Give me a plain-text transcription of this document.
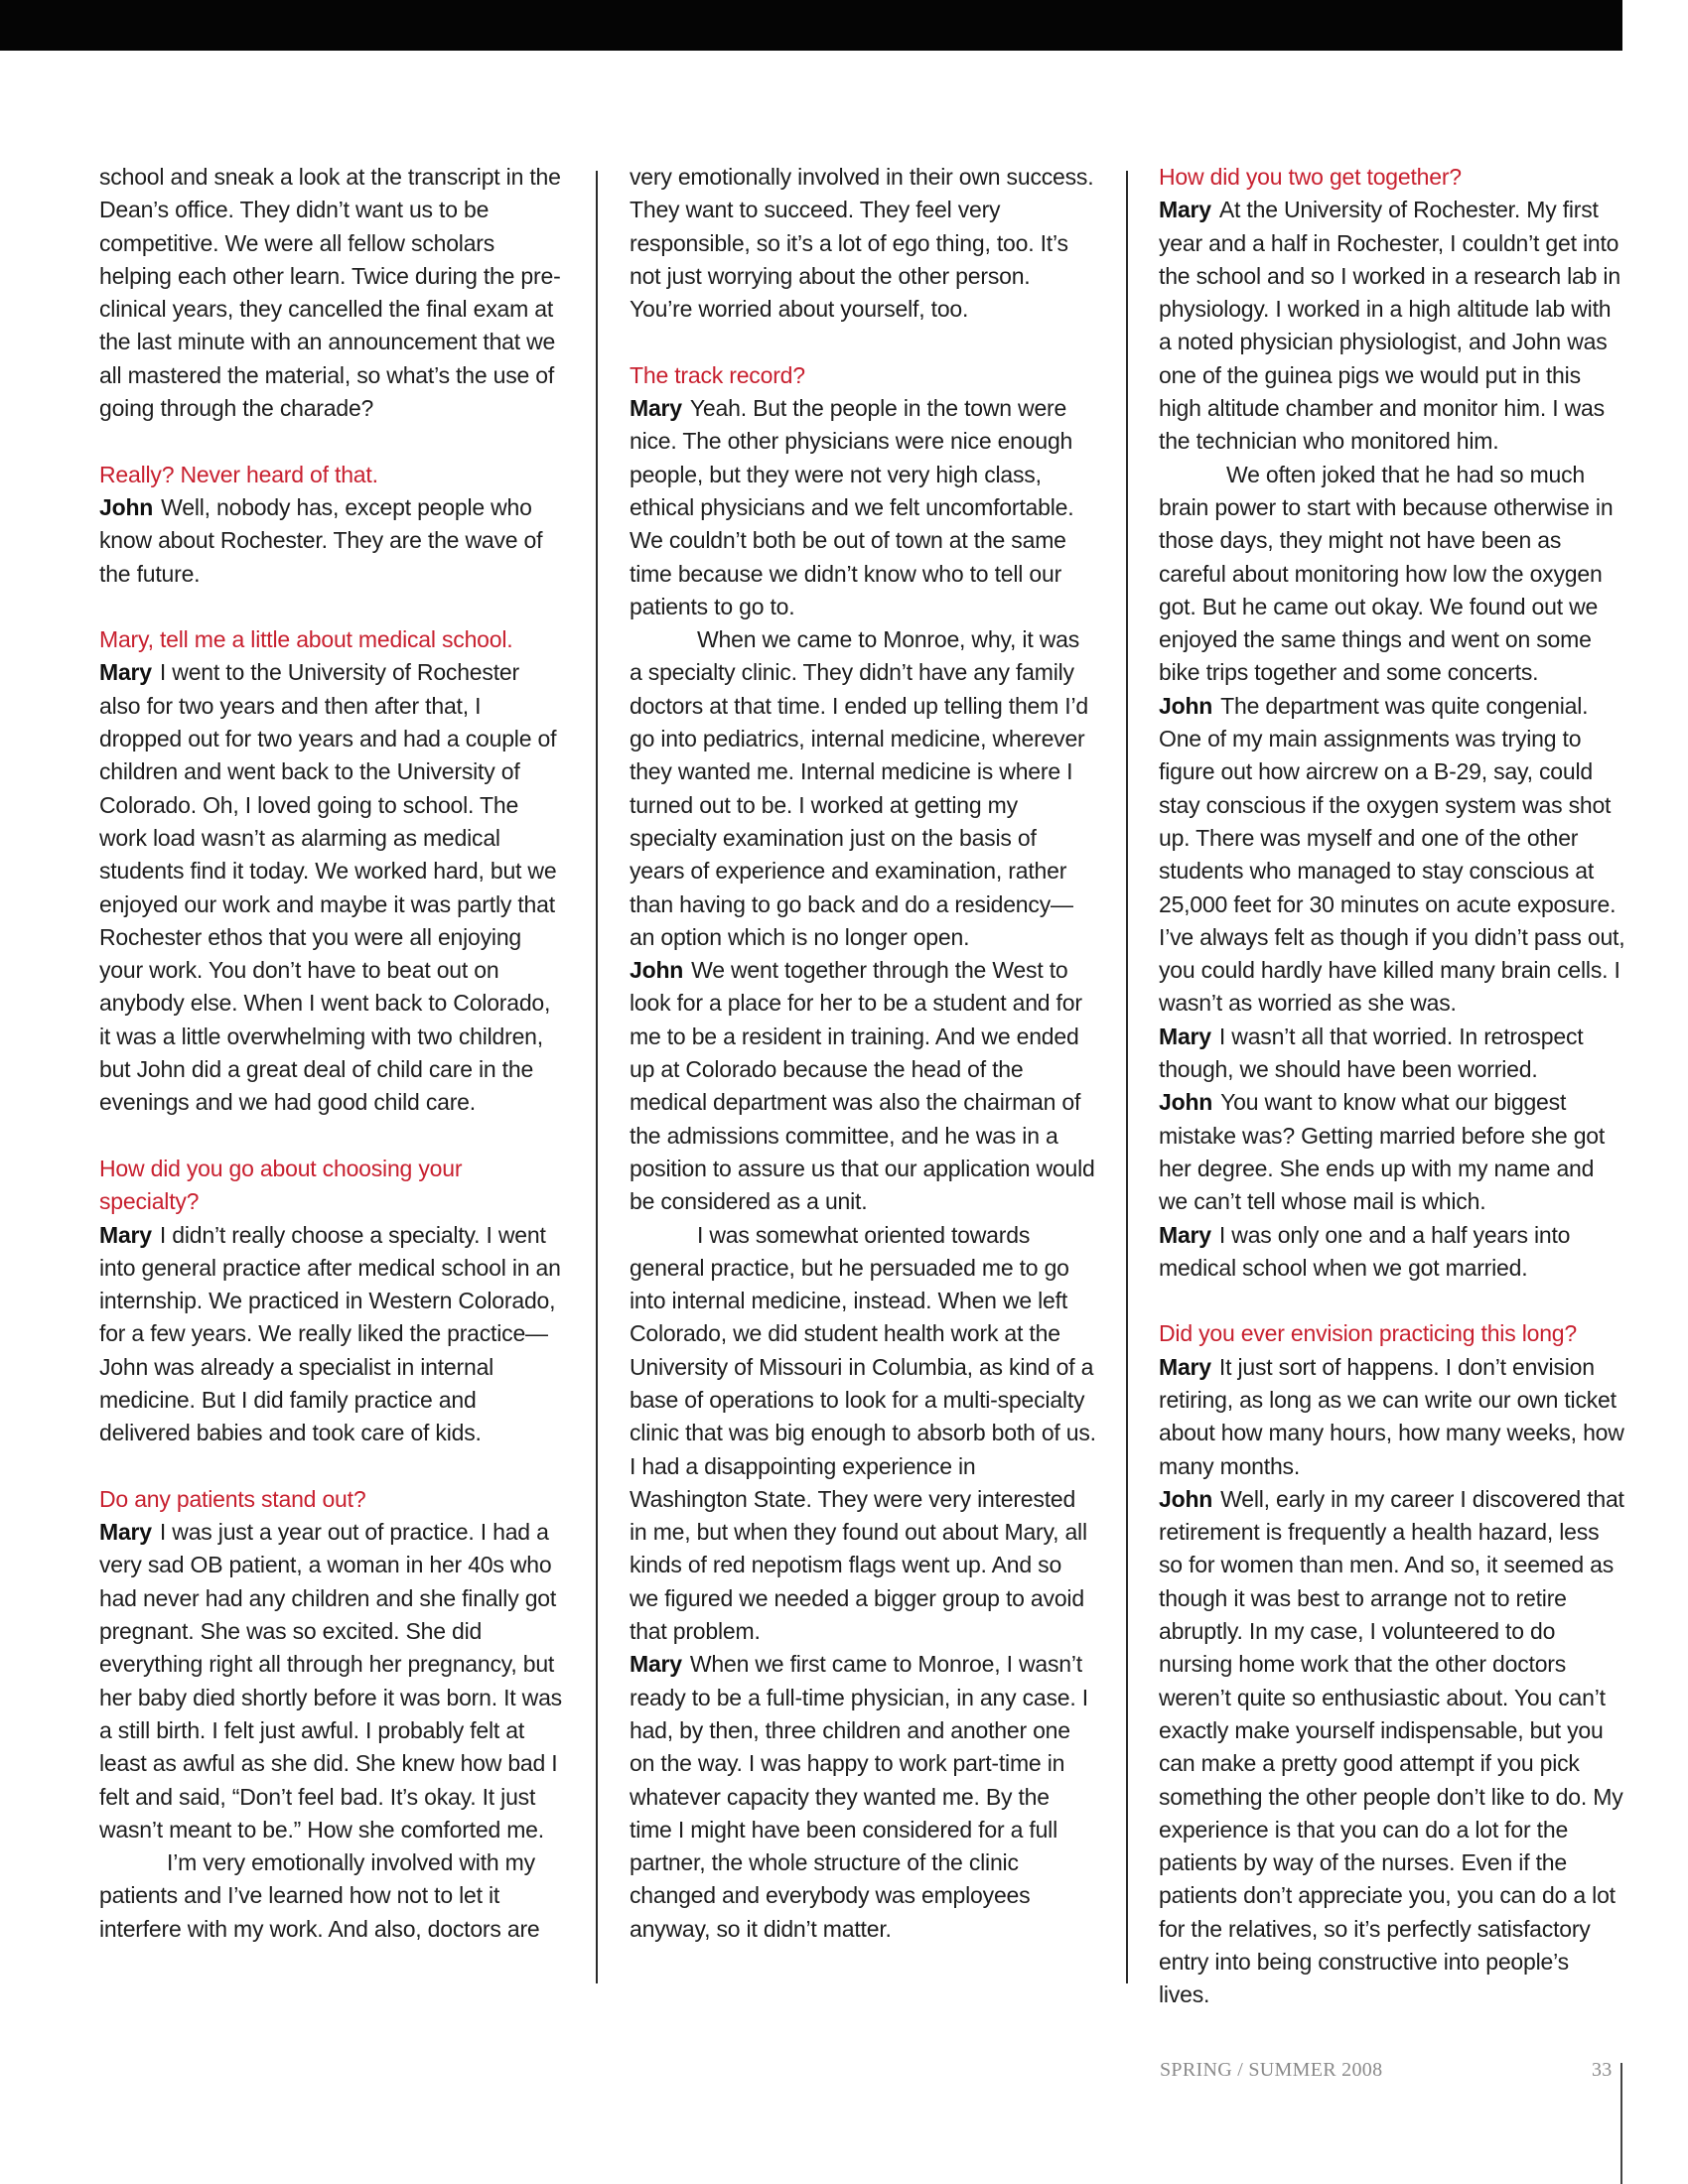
school and sneak a look at the transcript in the Dean’s office. They didn’t want us to be competitive. We were all fellow scholars helping each other learn. Twice during the pre-clinical years, they cancelled the final exam at the last minute with an announcement that we all mastered the material, so what’s the use of going through the charade?

Really? Never heard of that.

John Well, nobody has, except people who know about Rochester. They are the wave of the future.

Mary, tell me a little about medical school.

Mary I went to the University of Rochester also for two years and then after that, I dropped out for two years and had a couple of children and went back to the University of Colorado. Oh, I loved going to school. The work load wasn’t as alarming as medical students find it today. We worked hard, but we enjoyed our work and maybe it was partly that Rochester ethos that you were all enjoying your work. You don’t have to beat out on anybody else. When I went back to Colorado, it was a little overwhelming with two children, but John did a great deal of child care in the evenings and we had good child care.

How did you go about choosing your specialty?

Mary I didn’t really choose a specialty. I went into general practice after medical school in an internship. We practiced in Western Colorado, for a few years. We really liked the practice—John was already a specialist in internal medicine. But I did family practice and delivered babies and took care of kids.

Do any patients stand out?

Mary I was just a year out of practice. I had a very sad OB patient, a woman in her 40s who had never had any children and she finally got pregnant. She was so excited. She did everything right all through her pregnancy, but her baby died shortly before it was born. It was a still birth. I felt just awful. I probably felt at least as awful as she did. She knew how bad I felt and said, “Don’t feel bad. It’s okay. It just wasn’t meant to be.” How she comforted me.
I’m very emotionally involved with my patients and I’ve learned how not to let it interfere with my work. And also, doctors are

very emotionally involved in their own success. They want to succeed. They feel very responsible, so it’s a lot of ego thing, too. It’s not just worrying about the other person. You’re worried about yourself, too.

The track record?

Mary Yeah. But the people in the town were nice. The other physicians were nice enough people, but they were not very high class, ethical physicians and we felt uncomfortable. We couldn’t both be out of town at the same time because we didn’t know who to tell our patients to go to.
When we came to Monroe, why, it was a specialty clinic. They didn’t have any family doctors at that time. I ended up telling them I’d go into pediatrics, internal medicine, wherever they wanted me. Internal medicine is where I turned out to be. I worked at getting my specialty examination just on the basis of years of experience and examination, rather than having to go back and do a residency—an option which is no longer open.

John We went together through the West to look for a place for her to be a student and for me to be a resident in training. And we ended up at Colorado because the head of the medical department was also the chairman of the admissions committee, and he was in a position to assure us that our application would be considered as a unit.
I was somewhat oriented towards general practice, but he persuaded me to go into internal medicine, instead. When we left Colorado, we did student health work at the University of Missouri in Columbia, as kind of a base of operations to look for a multi-specialty clinic that was big enough to absorb both of us. I had a disappointing experience in Washington State. They were very interested in me, but when they found out about Mary, all kinds of red nepotism flags went up. And so we figured we needed a bigger group to avoid that problem.

Mary When we first came to Monroe, I wasn’t ready to be a full-time physician, in any case. I had, by then, three children and another one on the way. I was happy to work part-time in whatever capacity they wanted me. By the time I might have been considered for a full partner, the whole structure of the clinic changed and everybody was employees anyway, so it didn’t matter.

How did you two get together?

Mary At the University of Rochester. My first year and a half in Rochester, I couldn’t get into the school and so I worked in a research lab in physiology. I worked in a high altitude lab with a noted physician physiologist, and John was one of the guinea pigs we would put in this high altitude chamber and monitor him. I was the technician who monitored him.
We often joked that he had so much brain power to start with because otherwise in those days, they might not have been as careful about monitoring how low the oxygen got. But he came out okay. We found out we enjoyed the same things and went on some bike trips together and some concerts.

John The department was quite congenial. One of my main assignments was trying to figure out how aircrew on a B-29, say, could stay conscious if the oxygen system was shot up. There was myself and one of the other students who managed to stay conscious at 25,000 feet for 30 minutes on acute exposure. I’ve always felt as though if you didn’t pass out, you could hardly have killed many brain cells. I wasn’t as worried as she was.

Mary I wasn’t all that worried. In retrospect though, we should have been worried.

John You want to know what our biggest mistake was? Getting married before she got her degree. She ends up with my name and we can’t tell whose mail is which.

Mary I was only one and a half years into medical school when we got married.

Did you ever envision practicing this long?

Mary It just sort of happens. I don’t envision retiring, as long as we can write our own ticket about how many hours, how many weeks, how many months.

John Well, early in my career I discovered that retirement is frequently a health hazard, less so for women than men. And so, it seemed as though it was best to arrange not to retire abruptly. In my case, I volunteered to do nursing home work that the other doctors weren’t quite so enthusiastic about. You can’t exactly make yourself indispensable, but you can make a pretty good attempt if you pick something the other people don’t like to do. My experience is that you can do a lot for the patients by way of the nurses. Even if the patients don’t appreciate you, you can do a lot for the relatives, so it’s perfectly satisfactory entry into being constructive into people’s lives.

SPRING / SUMMER 2008	33
